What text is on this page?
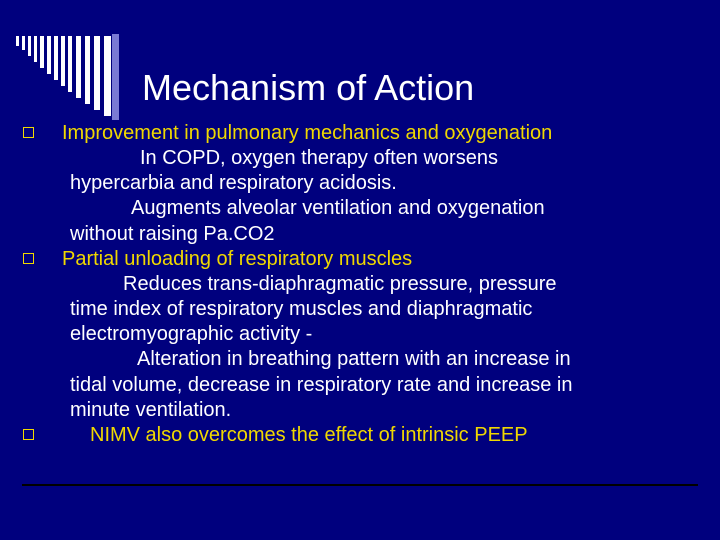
Mechanism of Action
Improvement in pulmonary mechanics and oxygenation
In COPD, oxygen therapy often worsens
hypercarbia and respiratory acidosis.
Augments alveolar ventilation and oxygenation
without raising Pa.CO2
Partial unloading of respiratory muscles
Reduces trans-diaphragmatic pressure, pressure
time index of respiratory muscles and diaphragmatic
electromyographic activity -
Alteration in breathing pattern with an increase in
tidal volume, decrease in respiratory rate and increase in
minute ventilation.
NIMV also overcomes the effect of intrinsic PEEP
